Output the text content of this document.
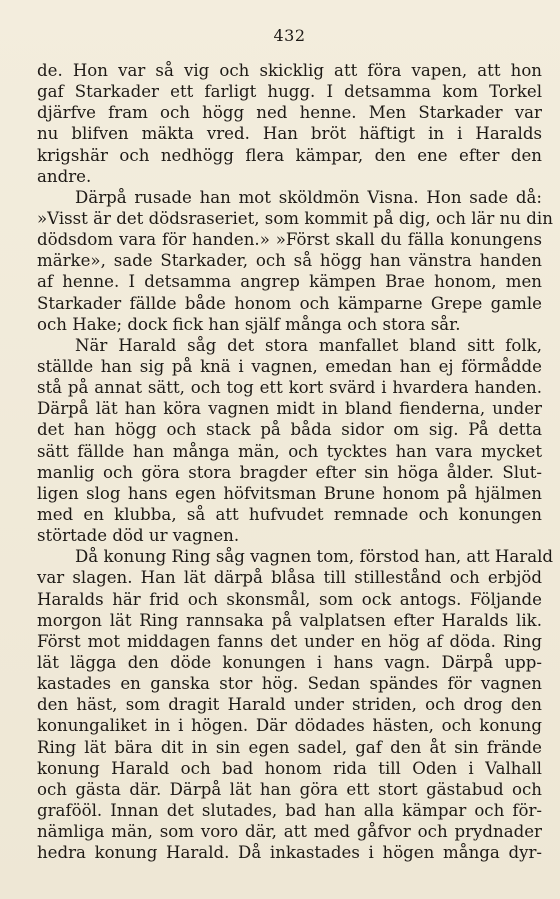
432
de. Hon var så vig och skicklig att föra vapen, att hon
gaf Starkader ett farligt hugg. I detsamma kom Torkel
djärfve fram och högg ned henne. Men Starkader var
nu blifven mäkta vred. Han bröt häftigt in i Haralds
krigshär och nedhögg flera kämpar, den ene efter den
andre.
Därpå rusade han mot sköldmön Visna. Hon sade då:
»Visst är det dödsraseriet, som kommit på dig, och lär nu din
dödsdom vara för handen.» »Först skall du fälla konungens
märke», sade Starkader, och så högg han vänstra handen
af henne. I detsamma angrep kämpen Brae honom, men
Starkader fällde både honom och kämparne Grepe gamle
och Hake; dock fick han själf många och stora sår.
När Harald såg det stora manfallet bland sitt folk,
ställde han sig på knä i vagnen, emedan han ej förmådde
stå på annat sätt, och tog ett kort svärd i hvardera handen.
Därpå lät han köra vagnen midt in bland fienderna, under
det han högg och stack på båda sidor om sig. På detta
sätt fällde han många män, och tycktes han vara mycket
manlig och göra stora bragder efter sin höga ålder. Slut-
ligen slog hans egen höfvitsman Brune honom på hjälmen
med en klubba, så att hufvudet remnade och konungen
störtade död ur vagnen.
Då konung Ring såg vagnen tom, förstod han, att Harald
var slagen. Han lät därpå blåsa till stillestånd och erbjöd
Haralds här frid och skonsmål, som ock antogs. Följande
morgon lät Ring rannsaka på valplatsen efter Haralds lik.
Först mot middagen fanns det under en hög af döda. Ring
lät lägga den döde konungen i hans vagn. Därpå upp-
kastades en ganska stor hög. Sedan spändes för vagnen
den häst, som dragit Harald under striden, och drog den
konungaliket in i högen. Där dödades hästen, och konung
Ring lät bära dit in sin egen sadel, gaf den åt sin frände
konung Harald och bad honom rida till Oden i Valhall
och gästa där. Därpå lät han göra ett stort gästabud och
grafööl. Innan det slutades, bad han alla kämpar och för-
nämliga män, som voro där, att med gåfvor och prydnader
hedra konung Harald. Då inkastades i högen många dyr-
